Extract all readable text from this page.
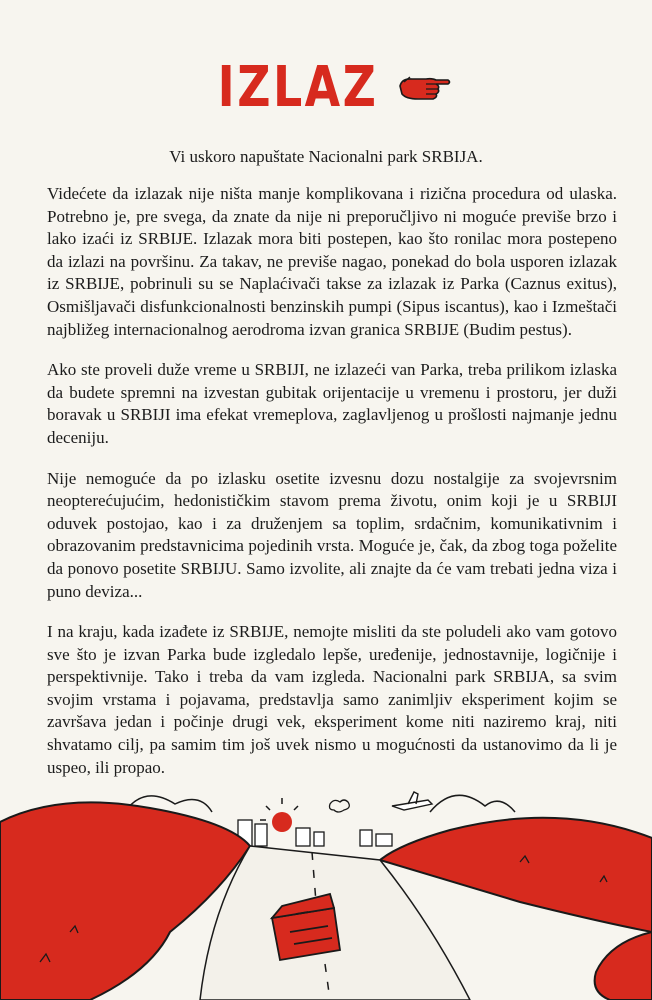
IZLAZ
Vi uskoro napuštate Nacionalni park SRBIJA.

Videćete da izlazak nije ništa manje komplikovana i rizična procedura od ulaska. Potrebno je, pre svega, da znate da nije ni preporučljivo ni moguće previše brzo i lako izaći iz SRBIJE. Izlazak mora biti postepen, kao što ronilac mora postepeno da izlazi na površinu. Za takav, ne previše nagao, ponekad do bola usporen izlazak iz SRBIJE, pobrinuli su se Naplaćivači takse za izlazak iz Parka (Caznus exitus), Osmišljavači disfunkcionalnosti benzinskih pumpi (Sipus iscantus), kao i Izmeštači najbližeg internacionalnog aerodroma izvan granica SRBIJE (Budim pestus).

Ako ste proveli duže vreme u SRBIJI, ne izlazeći van Parka, treba prilikom izlaska da budete spremni na izvestan gubitak orijentacije u vremenu i prostoru, jer duži boravak u SRBIJI ima efekat vremeplova, zaglavljenog u prošlosti najmanje jednu deceniju.

Nije nemoguće da po izlasku osetite izvesnu dozu nostalgije za svojevrsnim neopterećujućim, hedonističkim stavom prema životu, onim koji je u SRBIJI oduvek postojao, kao i za druženjem sa toplim, srdačnim, komunikativnim i obrazovanim predstavnicima pojedinih vrsta. Moguće je, čak, da zbog toga poželite da ponovo posetite SRBIJU. Samo izvolite, ali znajte da će vam trebati jedna viza i puno deviza...

I na kraju, kada izađete iz SRBIJE, nemojte misliti da ste poludeli ako vam gotovo sve što je izvan Parka bude izgledalo lepše, uređenije, jednostavnije, logičnije i perspektivnije. Tako i treba da vam izgleda. Nacionalni park SRBIJA, sa svim svojim vrstama i pojavama, predstavlja samo zanimljiv eksperiment kojim se završava jedan i počinje drugi vek, eksperiment kome niti naziremo kraj, niti shvatamo cilj, pa samim tim još uvek nismo u mogućnosti da ustanovimo da li je uspeo, ili propao.
